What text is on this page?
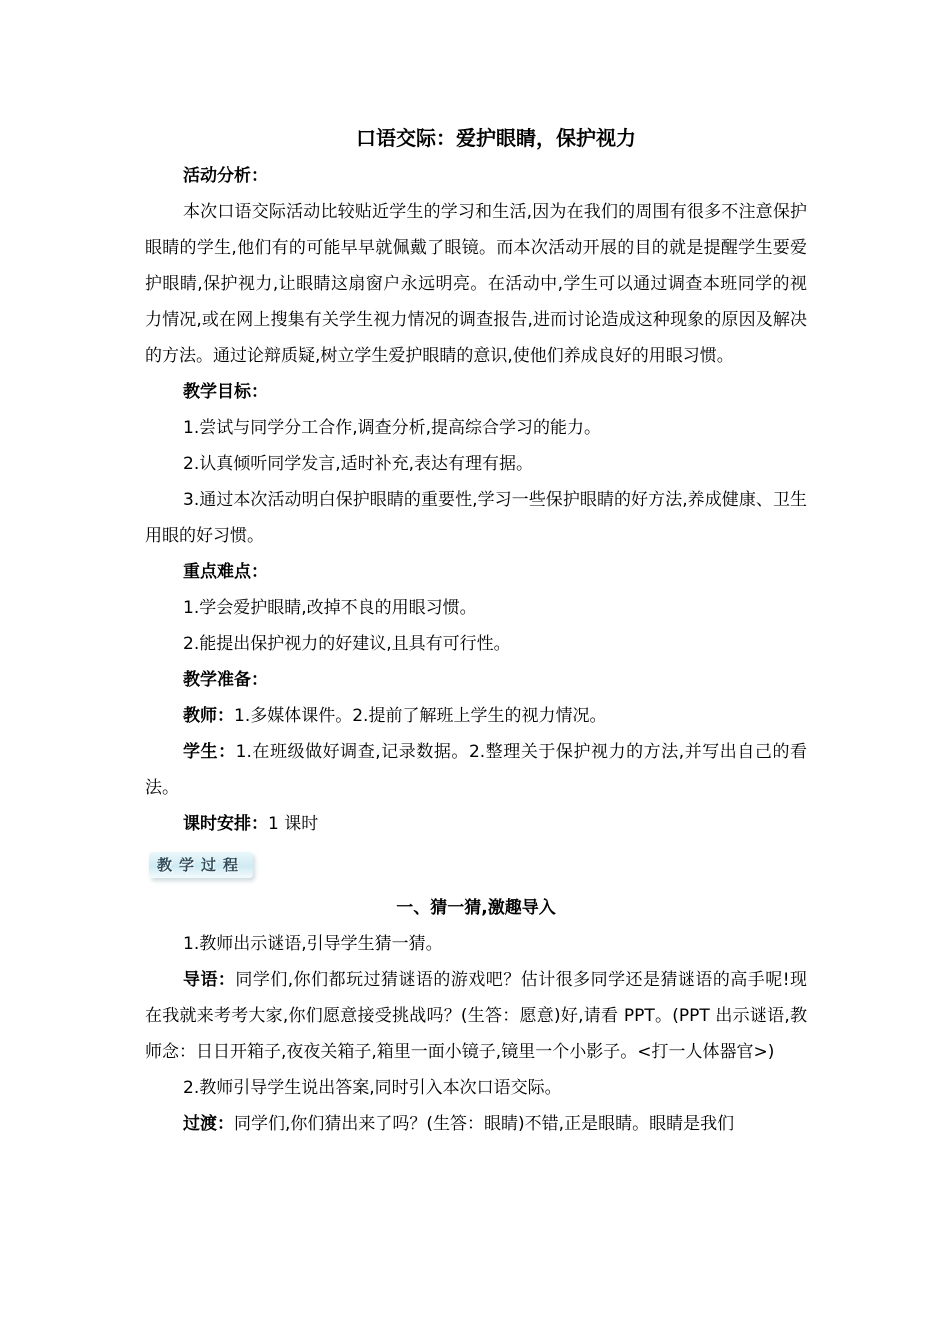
口语交际：爱护眼睛，保护视力

活动分析：

本次口语交际活动比较贴近学生的学习和生活,因为在我们的周围有很多不注意保护眼睛的学生,他们有的可能早早就佩戴了眼镜。而本次活动开展的目的就是提醒学生要爱护眼睛,保护视力,让眼睛这扇窗户永远明亮。在活动中,学生可以通过调查本班同学的视力情况,或在网上搜集有关学生视力情况的调查报告,进而讨论造成这种现象的原因及解决的方法。通过论辩质疑,树立学生爱护眼睛的意识,使他们养成良好的用眼习惯。

教学目标：

1.尝试与同学分工合作,调查分析,提高综合学习的能力。

2.认真倾听同学发言,适时补充,表达有理有据。

3.通过本次活动明白保护眼睛的重要性,学习一些保护眼睛的好方法,养成健康、卫生用眼的好习惯。

重点难点：

1.学会爱护眼睛,改掉不良的用眼习惯。

2.能提出保护视力的好建议,且具有可行性。

教学准备：

教师：1.多媒体课件。2.提前了解班上学生的视力情况。

学生：1.在班级做好调查,记录数据。2.整理关于保护视力的方法,并写出自己的看法。

课时安排：1 课时

教学过程
一、猜一猜,激趣导入

1.教师出示谜语,引导学生猜一猜。

导语：同学们,你们都玩过猜谜语的游戏吧？估计很多同学还是猜谜语的高手呢!现在我就来考考大家,你们愿意接受挑战吗？(生答：愿意)好,请看 PPT。(PPT 出示谜语,教师念：日日开箱子,夜夜关箱子,箱里一面小镜子,镜里一个小影子。<打一人体器官>)

2.教师引导学生说出答案,同时引入本次口语交际。

过渡：同学们,你们猜出来了吗？(生答：眼睛)不错,正是眼睛。眼睛是我们
